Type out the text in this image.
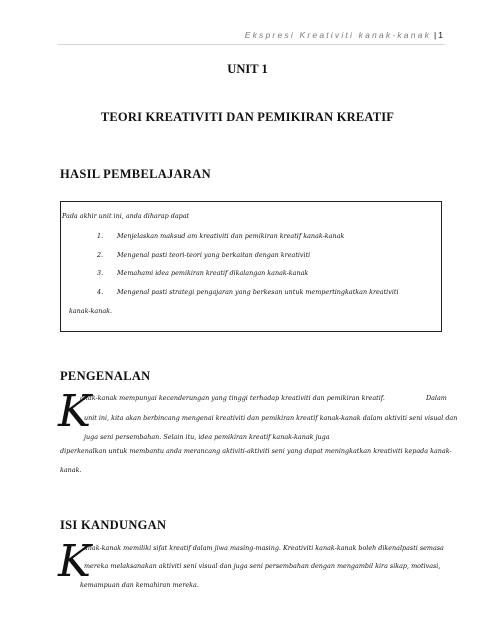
Ekspresi Kreativiti kanak-kanak | 1
UNIT 1
TEORI KREATIVITI DAN PEMIKIRAN KREATIF
HASIL PEMBELAJARAN
Pada akhir unit ini, anda diharap dapat
1. Menjelaskan maksud am kreativiti dan pemikiran kreatif kanak-kanak
2. Mengenal pasti teori-teori yang berkaitan dengan kreativiti
3. Memahami idea pemikiran kreatif dikalangan kanak-kanak
4. Mengenal pasti strategi pengajaran yang berkesan untuk mempertingkatkan kreativiti
kanak-kanak.
PENGENALAN
K
anak-kanak mempunyai kecenderungan yang tinggi terhadap kreativiti dan pemikiran kreatif.	Dalam
unit ini, kita akan berbincang mengenai kreativiti dan pemikiran kreatif kanak-kanak dalam aktiviti seni visual dan
juga seni persembahan. Selain itu, idea pemikiran kreatif kanak-kanak juga
diperkenalkan untuk membantu anda merancang aktiviti-aktiviti seni yang dapat meningkatkan kreativiti kepada kanak-
kanak.
ISI KANDUNGAN
K
anak-kanak memiliki sifat kreatif dalam jiwa masing-masing. Kreativiti kanak-kanak boleh dikenalpasti semasa
mereka melaksanakan aktiviti seni visual dan juga seni persembahan dengan mengambil kira sikap, motivasi,
kemampuan dan kemahiran mereka.
